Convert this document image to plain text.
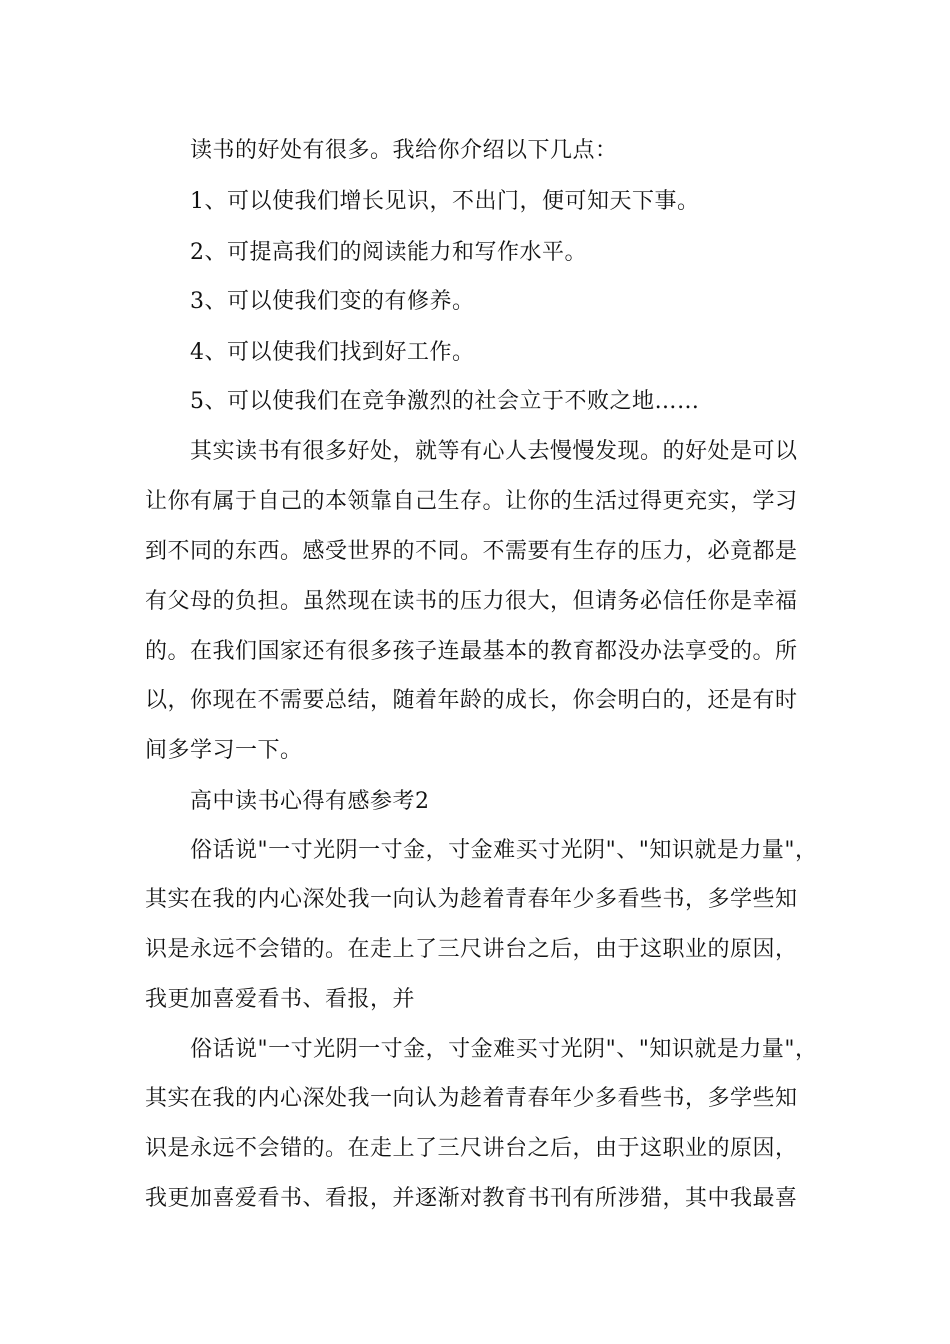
读书的好处有很多。我给你介绍以下几点：
1、可以使我们增长见识，不出门，便可知天下事。
2、可提高我们的阅读能力和写作水平。
3、可以使我们变的有修养。
4、可以使我们找到好工作。
5、可以使我们在竞争激烈的社会立于不败之地……
其实读书有很多好处，就等有心人去慢慢发现。的好处是可以
让你有属于自己的本领靠自己生存。让你的生活过得更充实，学习
到不同的东西。感受世界的不同。不需要有生存的压力，必竟都是
有父母的负担。虽然现在读书的压力很大，但请务必信任你是幸福
的。在我们国家还有很多孩子连最基本的教育都没办法享受的。所
以，你现在不需要总结，随着年龄的成长，你会明白的，还是有时
间多学习一下。
高中读书心得有感参考2
俗话说"一寸光阴一寸金，寸金难买寸光阴"、"知识就是力量"，
其实在我的内心深处我一向认为趁着青春年少多看些书，多学些知
识是永远不会错的。在走上了三尺讲台之后，由于这职业的原因，
我更加喜爱看书、看报，并
俗话说"一寸光阴一寸金，寸金难买寸光阴"、"知识就是力量"，
其实在我的内心深处我一向认为趁着青春年少多看些书，多学些知
识是永远不会错的。在走上了三尺讲台之后，由于这职业的原因，
我更加喜爱看书、看报，并逐渐对教育书刊有所涉猎，其中我最喜
